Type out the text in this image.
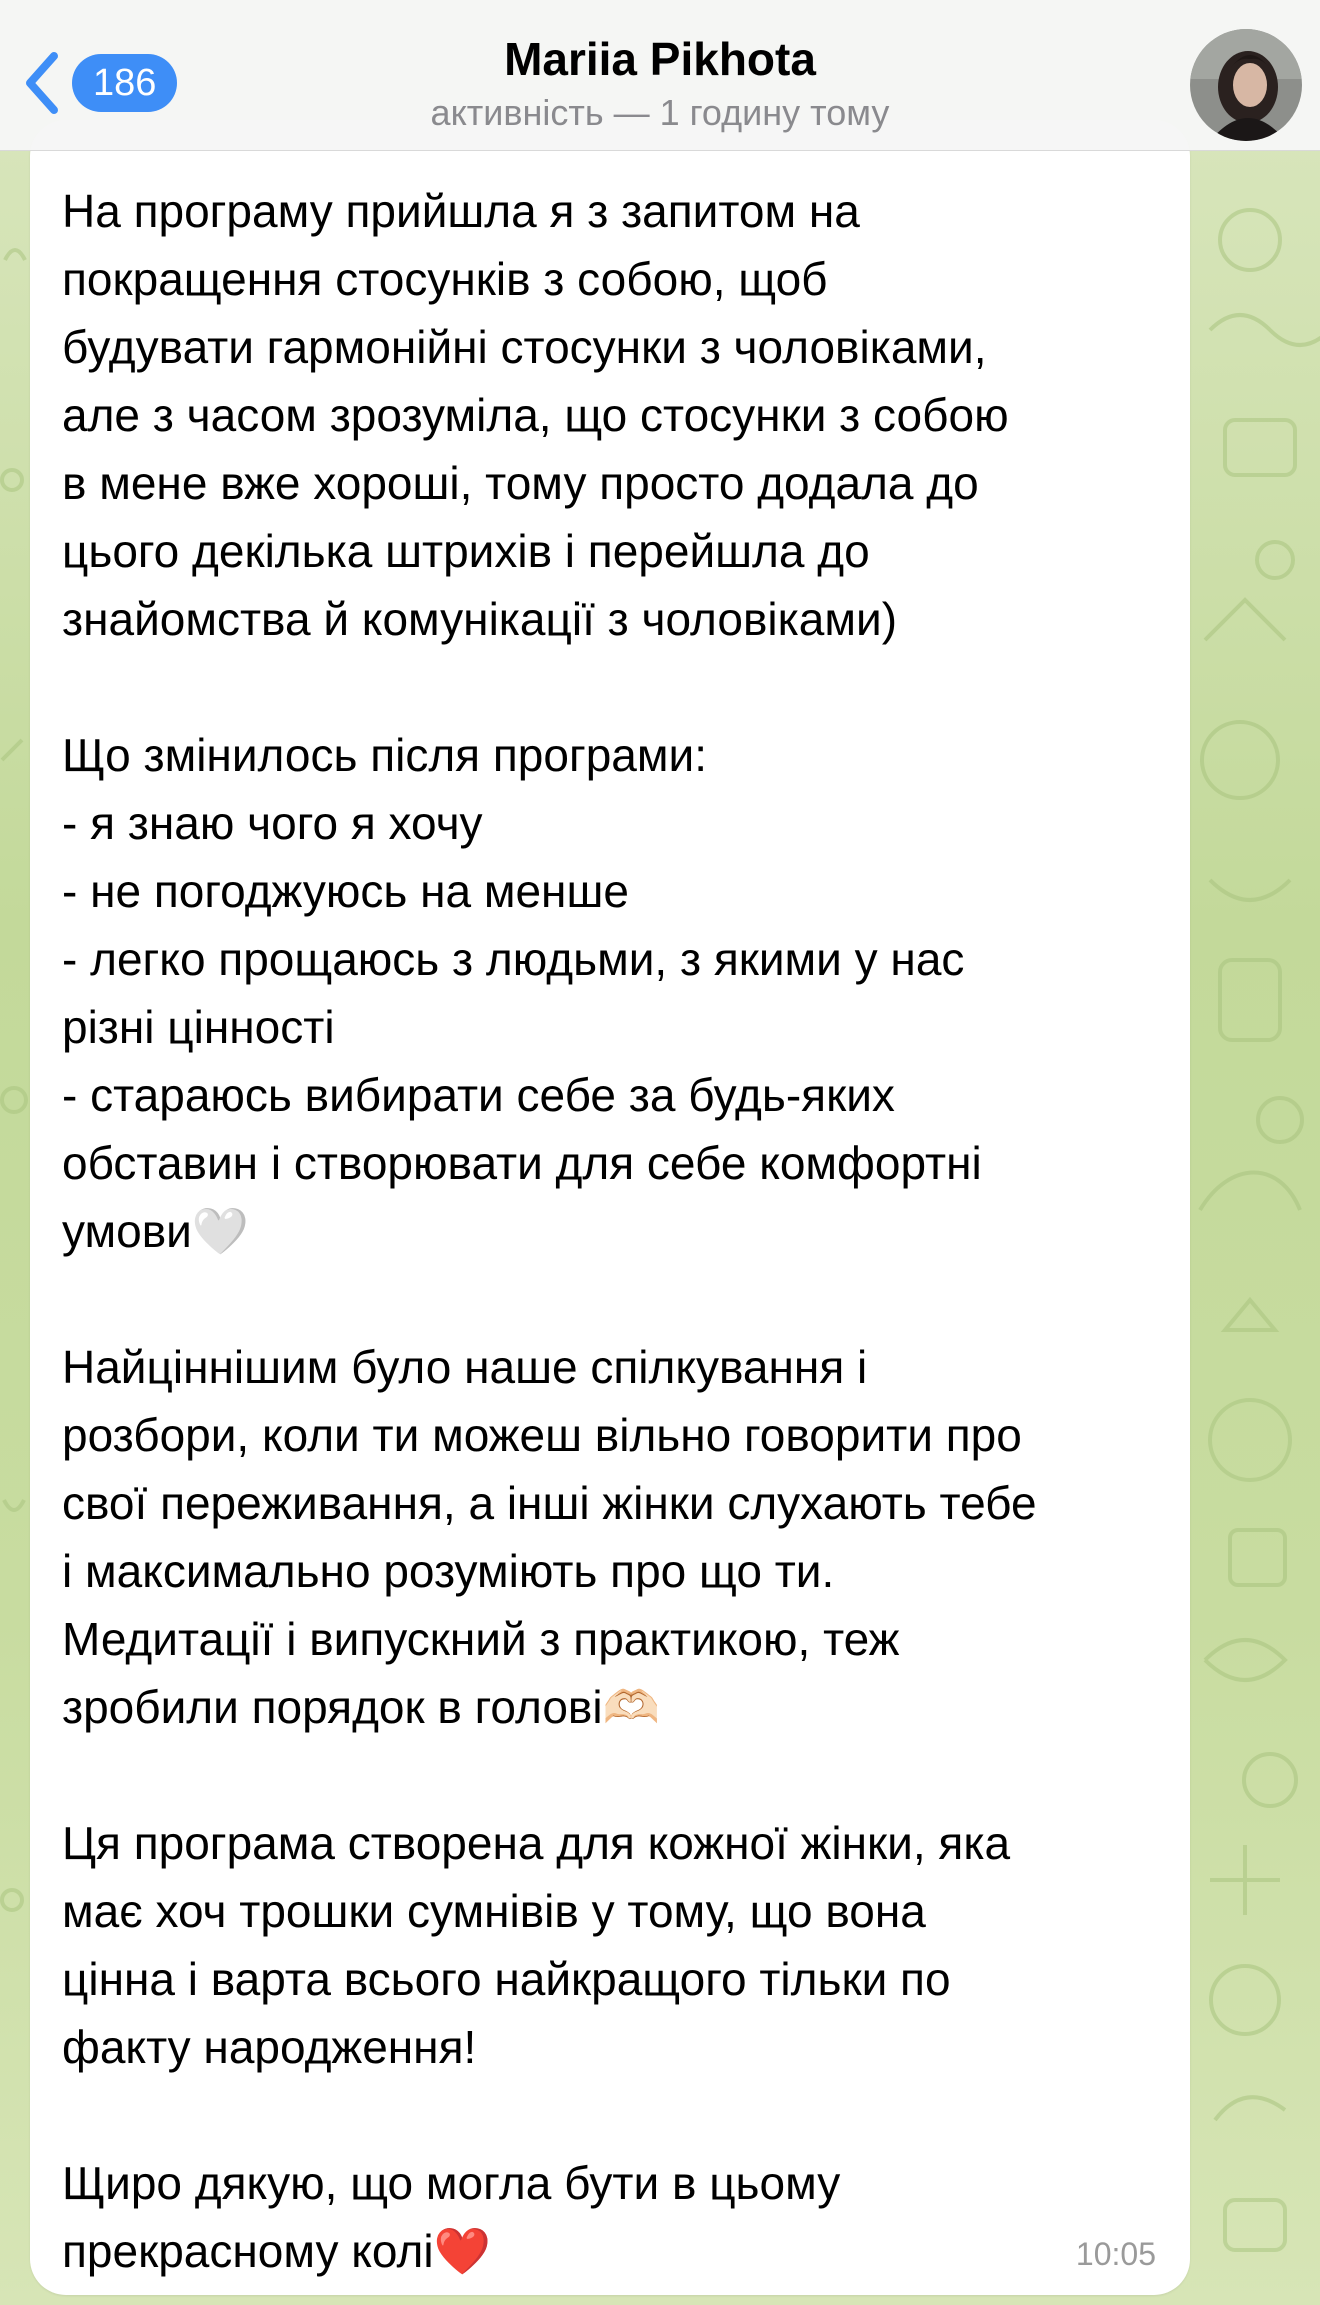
186	Mariia Pikhota
активність — 1 годину тому

На програму прийшла я з запитом на
покращення стосунків з собою, щоб
будувати гармонійні стосунки з чоловіками,
але з часом зрозуміла, що стосунки з собою
в мене вже хороші, тому просто додала до
цього декілька штрихів і перейшла до
знайомства й комунікації з чоловіками)

Що змінилось після програми:
- я знаю чого я хочу
- не погоджуюсь на менше
- легко прощаюсь з людьми, з якими у нас
різні цінності
- стараюсь вибирати себе за будь-яких
обставин і створювати для себе комфортні
умови🤍

Найціннішим було наше спілкування і
розбори, коли ти можеш вільно говорити про
свої переживання, а інші жінки слухають тебе
і максимально розуміють про що ти.
Медитації і випускний з практикою, теж
зробили порядок в голові🫶🏻

Ця програма створена для кожної жінки, яка
має хоч трошки сумнівів у тому, що вона
цінна і варта всього найкращого тільки по
факту народження!

Щиро дякую, що могла бути в цьому
прекрасному колі❤️	10:05
